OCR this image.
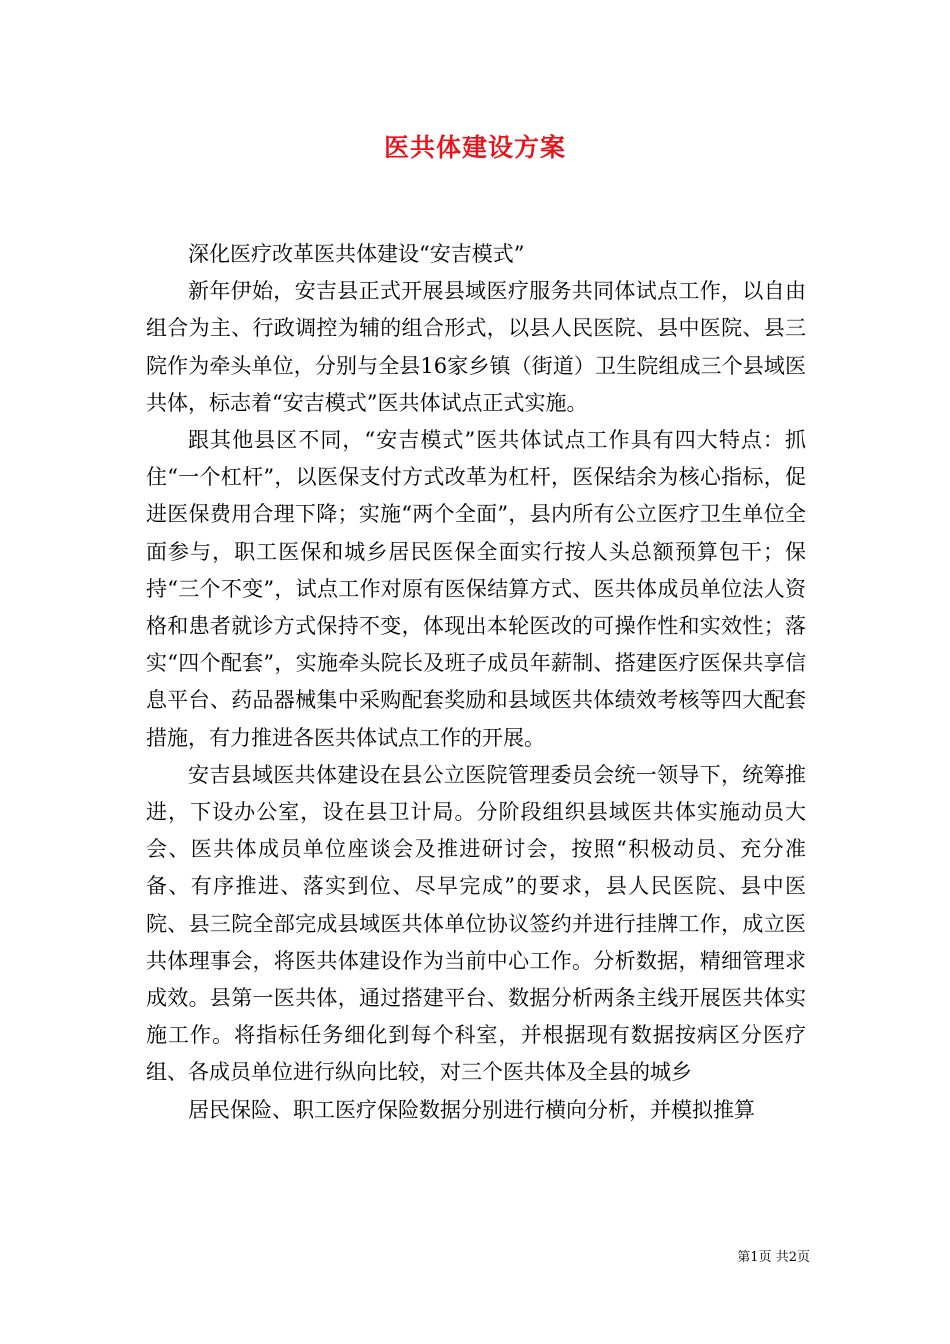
医共体建设方案

深化医疗改革医共体建设“安吉模式”

新年伊始，安吉县正式开展县域医疗服务共同体试点工作，以自由组合为主、行政调控为辅的组合形式，以县人民医院、县中医院、县三院作为牵头单位，分别与全县16家乡镇（街道）卫生院组成三个县域医共体，标志着“安吉模式”医共体试点正式实施。

跟其他县区不同，“安吉模式”医共体试点工作具有四大特点：抓住“一个杠杆”，以医保支付方式改革为杠杆，医保结余为核心指标，促进医保费用合理下降；实施“两个全面”，县内所有公立医疗卫生单位全面参与，职工医保和城乡居民医保全面实行按人头总额预算包干；保持“三个不变”，试点工作对原有医保结算方式、医共体成员单位法人资格和患者就诊方式保持不变，体现出本轮医改的可操作性和实效性；落实“四个配套”，实施牵头院长及班子成员年薪制、搭建医疗医保共享信息平台、药品器械集中采购配套奖励和县域医共体绩效考核等四大配套措施，有力推进各医共体试点工作的开展。

安吉县域医共体建设在县公立医院管理委员会统一领导下，统筹推进，下设办公室，设在县卫计局。分阶段组织县域医共体实施动员大会、医共体成员单位座谈会及推进研讨会，按照“积极动员、充分准备、有序推进、落实到位、尽早完成”的要求，县人民医院、县中医院、县三院全部完成县域医共体单位协议签约并进行挂牌工作，成立医共体理事会，将医共体建设作为当前中心工作。分析数据，精细管理求成效。县第一医共体，通过搭建平台、数据分析两条主线开展医共体实施工作。将指标任务细化到每个科室，并根据现有数据按病区分医疗组、各成员单位进行纵向比较，对三个医共体及全县的城乡

居民保险、职工医疗保险数据分别进行横向分析，并模拟推算

第1页 共2页
